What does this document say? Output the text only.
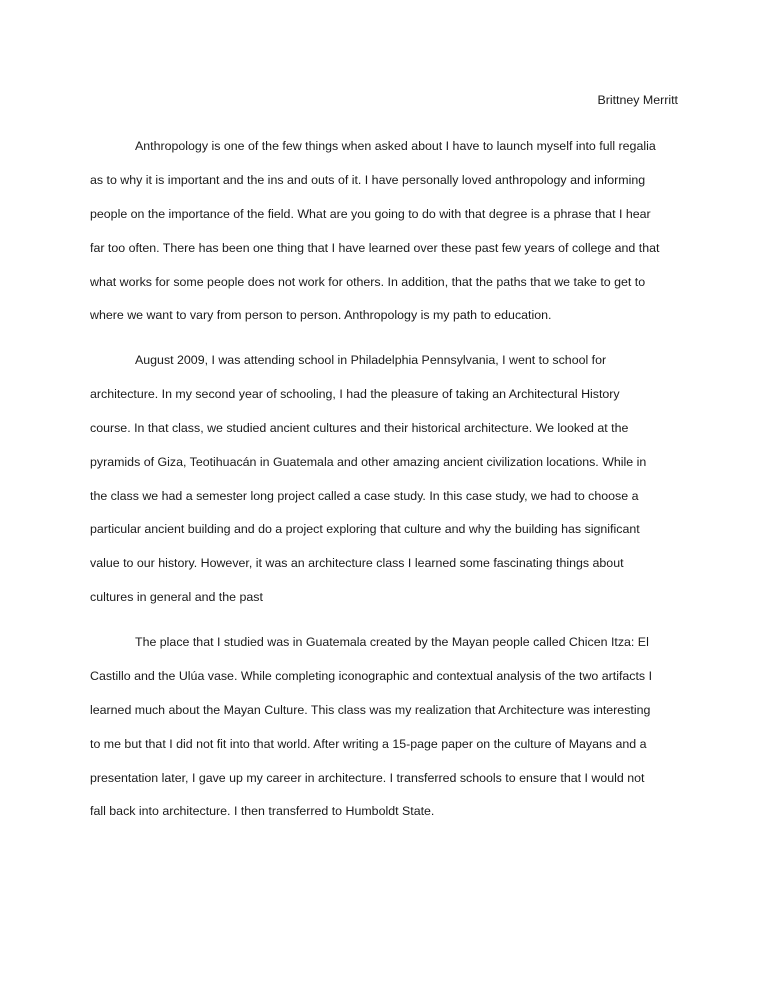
Brittney Merritt
Anthropology is one of the few things when asked about I have to launch myself into full regalia
as to why it is important and the ins and outs of it. I have personally loved anthropology and informing
people on the importance of the field. What are you going to do with that degree is a phrase that I hear
far too often. There has been one thing that I have learned over these past few years of college and that
what works for some people does not work for others. In addition, that the paths that we take to get to
where we want to vary from person to person. Anthropology is my path to education.
August 2009, I was attending school in Philadelphia Pennsylvania, I went to school for
architecture. In my second year of schooling, I had the pleasure of taking an Architectural History
course. In that class, we studied ancient cultures and their historical architecture. We looked at the
pyramids of Giza, Teotihuacán in Guatemala and other amazing ancient civilization locations. While in
the class we had a semester long project called a case study. In this case study, we had to choose a
particular ancient building and do a project exploring that culture and why the building has significant
value to our history. However, it was an architecture class I learned some fascinating things about
cultures in general and the past
The place that I studied was in Guatemala created by the Mayan people called Chicen Itza: El
Castillo and the Ulúa vase. While completing iconographic and contextual analysis of the two artifacts I
learned much about the Mayan Culture. This class was my realization that Architecture was interesting
to me but that I did not fit into that world. After writing a 15-page paper on the culture of Mayans and a
presentation later, I gave up my career in architecture. I transferred schools to ensure that I would not
fall back into architecture. I then transferred to Humboldt State.
